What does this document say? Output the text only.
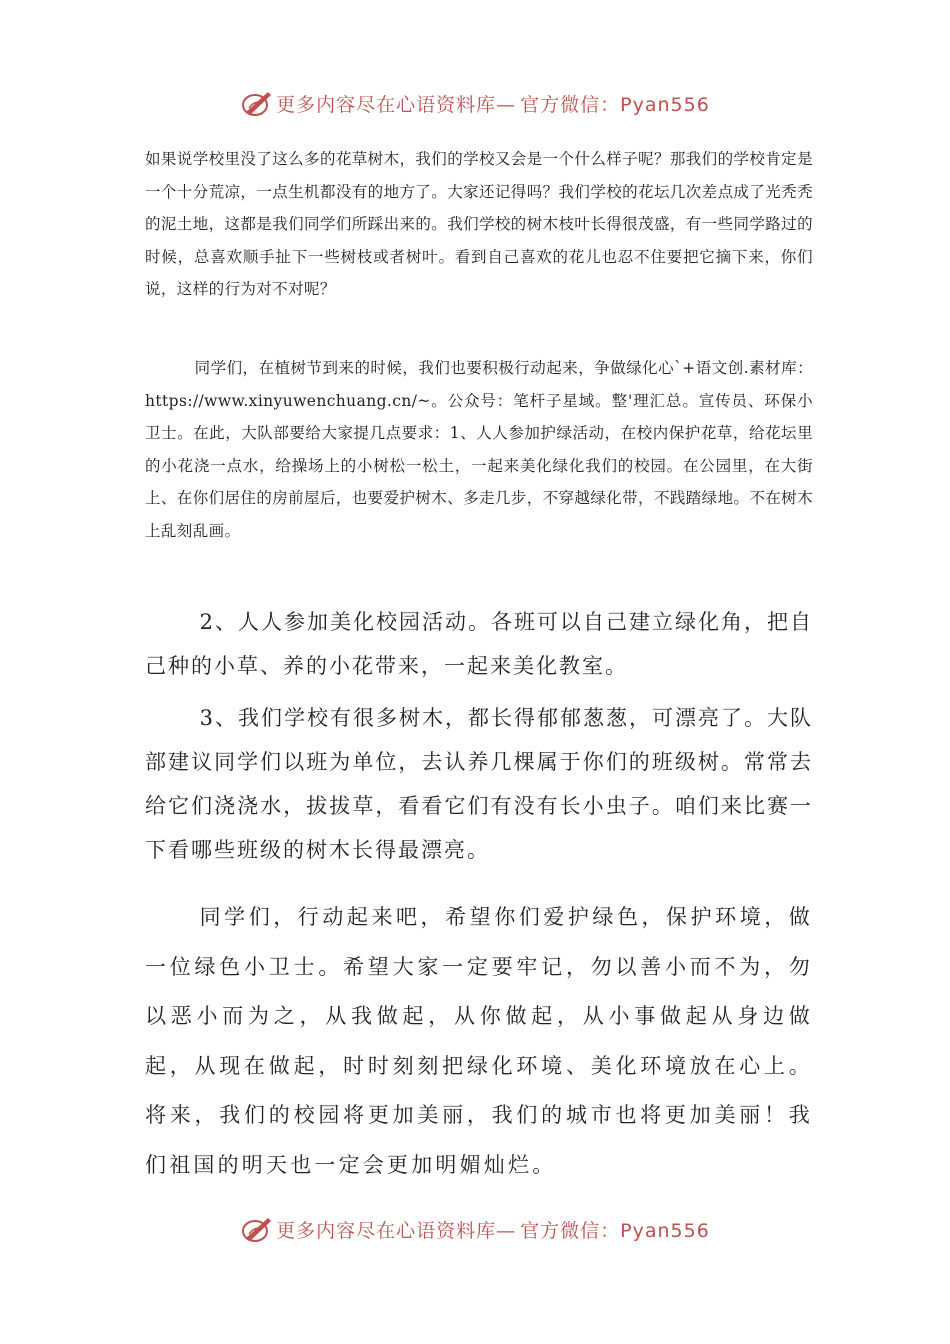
更多内容尽在心语资料库— 官方微信：Pyan556

如果说学校里没了这么多的花草树木，我们的学校又会是一个什么样子呢？那我们的学校肯定是一个十分荒凉，一点生机都没有的地方了。大家还记得吗？我们学校的花坛几次差点成了光秃秃的泥土地，这都是我们同学们所踩出来的。我们学校的树木枝叶长得很茂盛，有一些同学路过的时候，总喜欢顺手扯下一些树枝或者树叶。看到自己喜欢的花儿也忍不住要把它摘下来，你们说，这样的行为对不对呢？

同学们，在植树节到来的时候，我们也要积极行动起来，争做绿化心`+语文创.素材库：https://www.xinyuwenchuang.cn/~。公众号：笔杆子星域。整'理汇总。宣传员、环保小卫士。在此，大队部要给大家提几点要求：1、人人参加护绿活动，在校内保护花草，给花坛里的小花浇一点水，给操场上的小树松一松土，一起来美化绿化我们的校园。在公园里，在大街上、在你们居住的房前屋后，也要爱护树木、多走几步，不穿越绿化带，不践踏绿地。不在树木上乱刻乱画。

2、人人参加美化校园活动。各班可以自己建立绿化角，把自己种的小草、养的小花带来，一起来美化教室。

3、我们学校有很多树木，都长得郁郁葱葱，可漂亮了。大队部建议同学们以班为单位，去认养几棵属于你们的班级树。常常去给它们浇浇水，拔拔草，看看它们有没有长小虫子。咱们来比赛一下看哪些班级的树木长得最漂亮。

同学们，行动起来吧，希望你们爱护绿色，保护环境，做一位绿色小卫士。希望大家一定要牢记，勿以善小而不为，勿以恶小而为之，从我做起，从你做起，从小事做起从身边做起，从现在做起，时时刻刻把绿化环境、美化环境放在心上。将来，我们的校园将更加美丽，我们的城市也将更加美丽！我们祖国的明天也一定会更加明媚灿烂。

更多内容尽在心语资料库— 官方微信：Pyan556
